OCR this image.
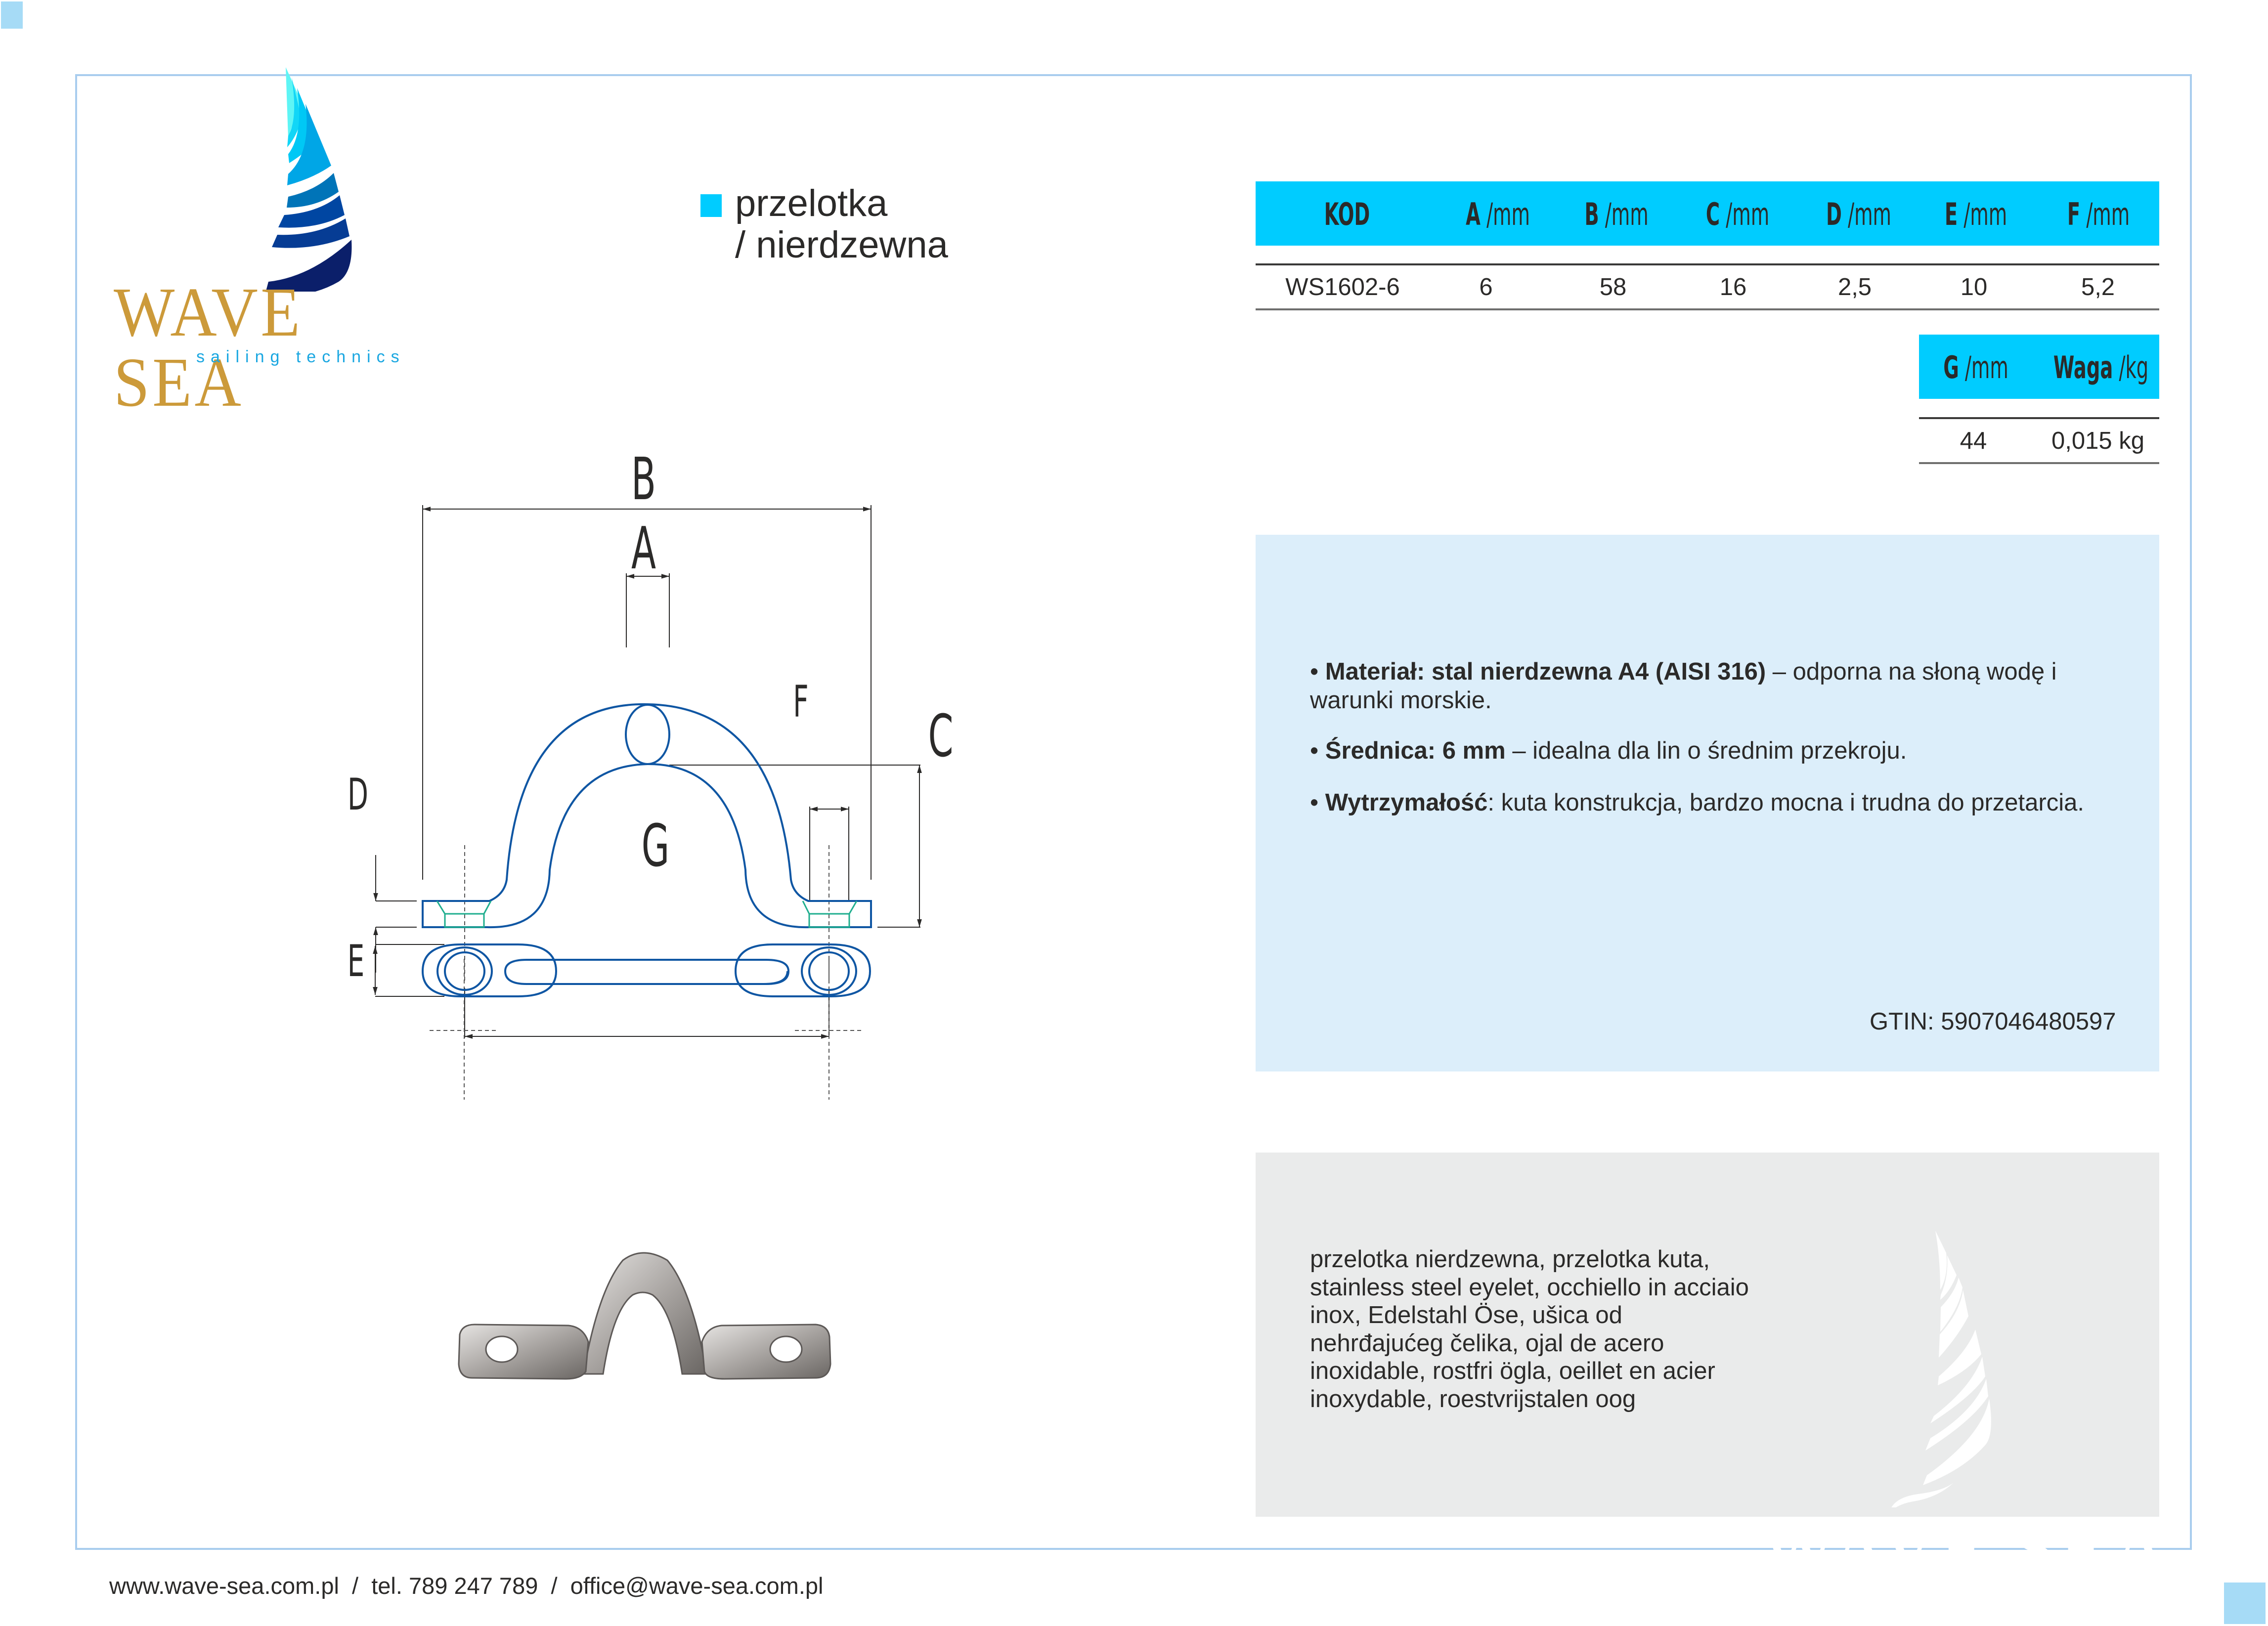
WAVE SEA
sailing technics
przelotka
/ nierdzewna
KOD	A /mm	B /mm	C /mm	D /mm	E /mm	F /mm
WS1602-6	6	58	16	2,5	10	5,2
G /mm	Waga /kg
44	0,015 kg
• Materiał: stal nierdzewna A4 (AISI 316) – odporna na słoną wodę i warunki morskie.
• Średnica: 6 mm – idealna dla lin o średnim przekroju.
• Wytrzymałość: kuta konstrukcja, bardzo mocna i trudna do przetarcia.
GTIN: 5907046480597
przelotka nierdzewna, przelotka kuta, stainless steel eyelet, occhiello in acciaio inox, Edelstahl Öse, ušica od nehrđajućeg čelika, ojal de acero inoxidable, rostfri ögla, oeillet en acier inoxydable, roestvrijstalen oog
WAVE SEA
B
A
C
F
D
G
E
www.wave-sea.com.pl  /  tel. 789 247 789  /  office@wave-sea.com.pl
